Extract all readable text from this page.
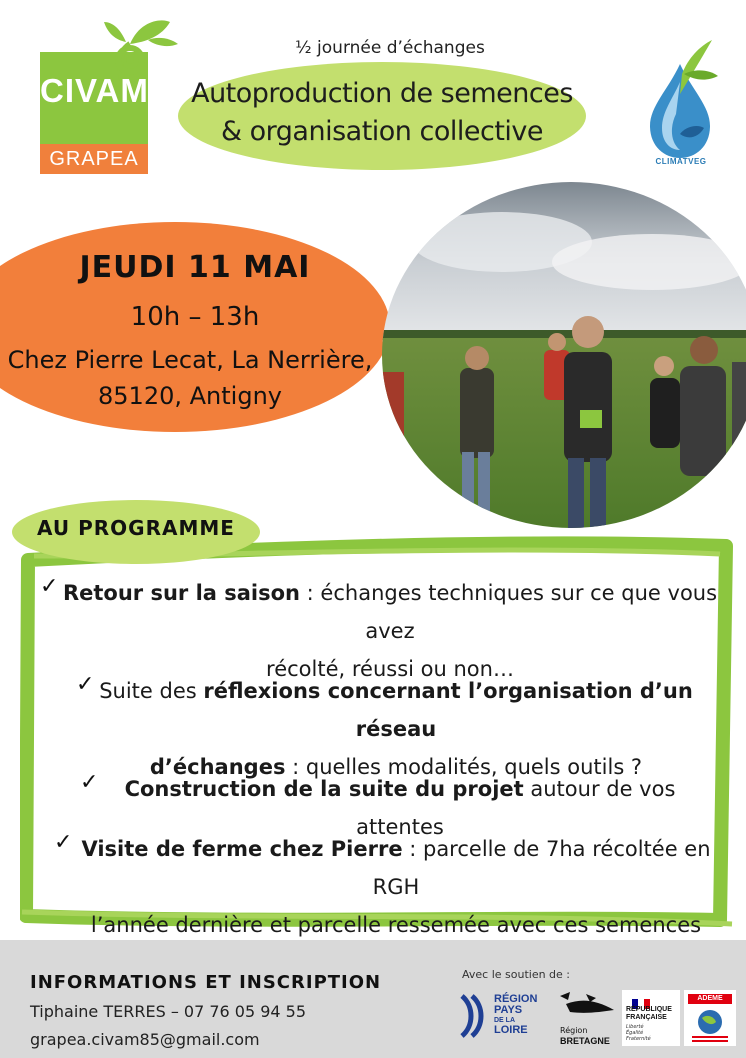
CIVAM
GRAPEA
½ journée d’échanges
Autoproduction de semences
& organisation collective
CLIMATVEG
JEUDI 11 MAI
10h – 13h
Chez Pierre Lecat, La Nerrière,
85120, Antigny
AU PROGRAMME
✓ Retour sur la saison : échanges techniques sur ce que vous avez
récolté, réussi ou non…
✓ Suite des réflexions concernant l’organisation d’un réseau
d’échanges : quelles modalités, quels outils ?
✓	Construction de la suite du projet autour de vos attentes
✓ Visite de ferme chez Pierre : parcelle de 7ha récoltée en RGH
l’année dernière et parcelle ressemée avec ces semences
INFORMATIONS ET INSCRIPTION
Tiphaine TERRES – 07 76 05 94 55
grapea.civam85@gmail.com
Avec le soutien de :
RÉGION
PAYS
DE LA
LOIRE	Région
BRETAGNE
RÉPUBLIQUE
FRANÇAISE
Liberté
Égalité
Fraternité
ADEME
